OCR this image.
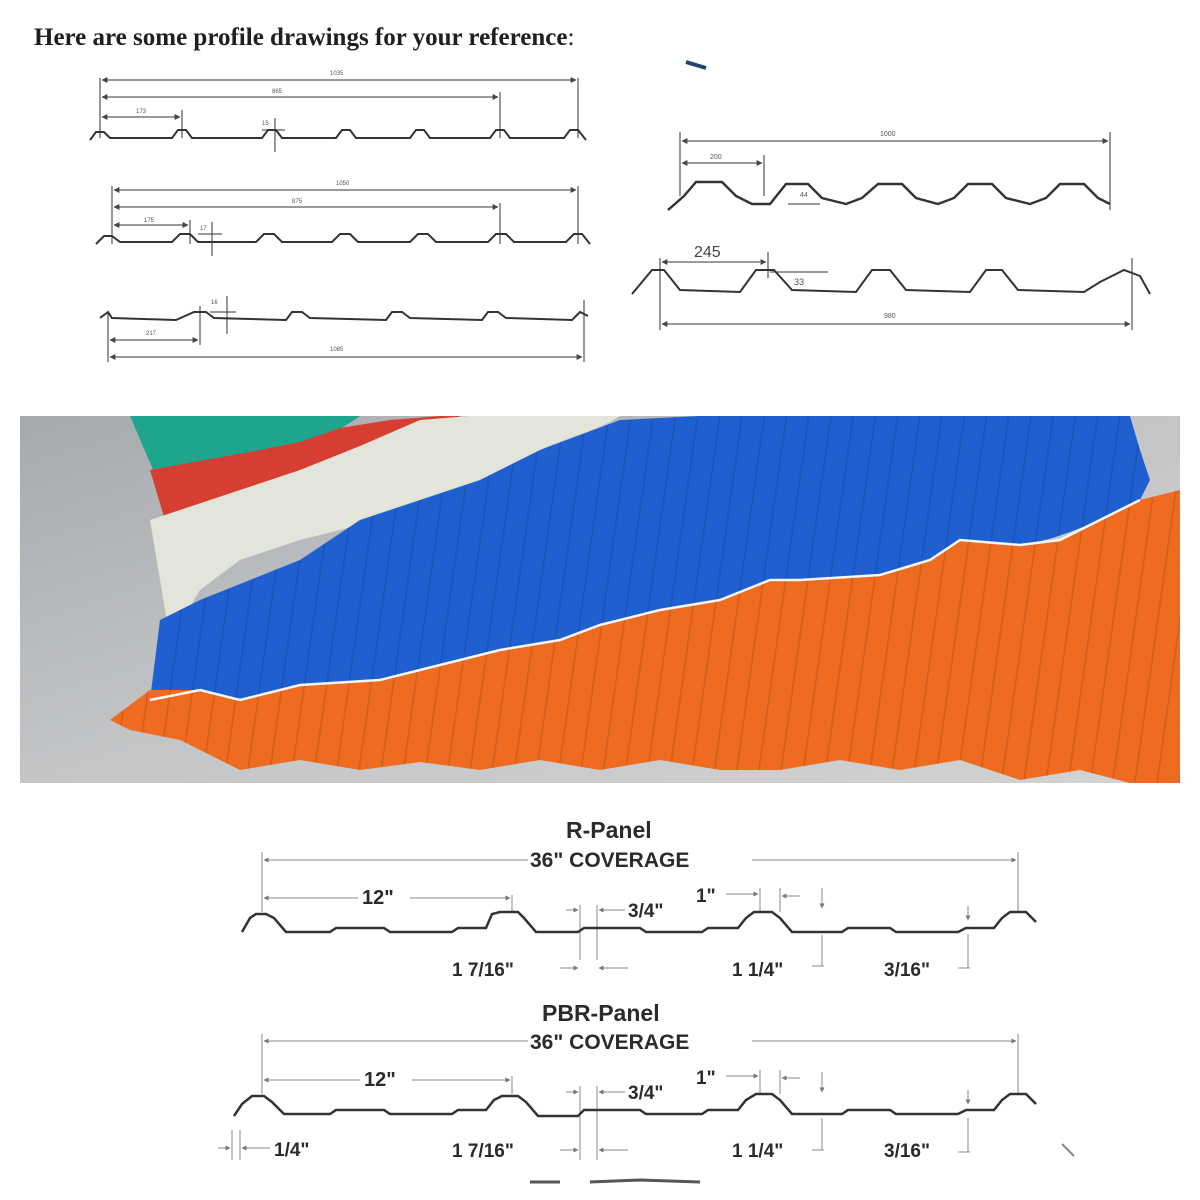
Here are some profile drawings for your reference:
1035
865
173
15
1050
875
175
17
1085
217
16
1000
200
44
245
33
980
R-Panel
36" COVERAGE
12"
3/4"
1"
1 7/16"	1 1/4"	3/16"
PBR-Panel
36" COVERAGE
12"
3/4"
1"
1 7/16"	1 1/4"	3/16"
1/4"
